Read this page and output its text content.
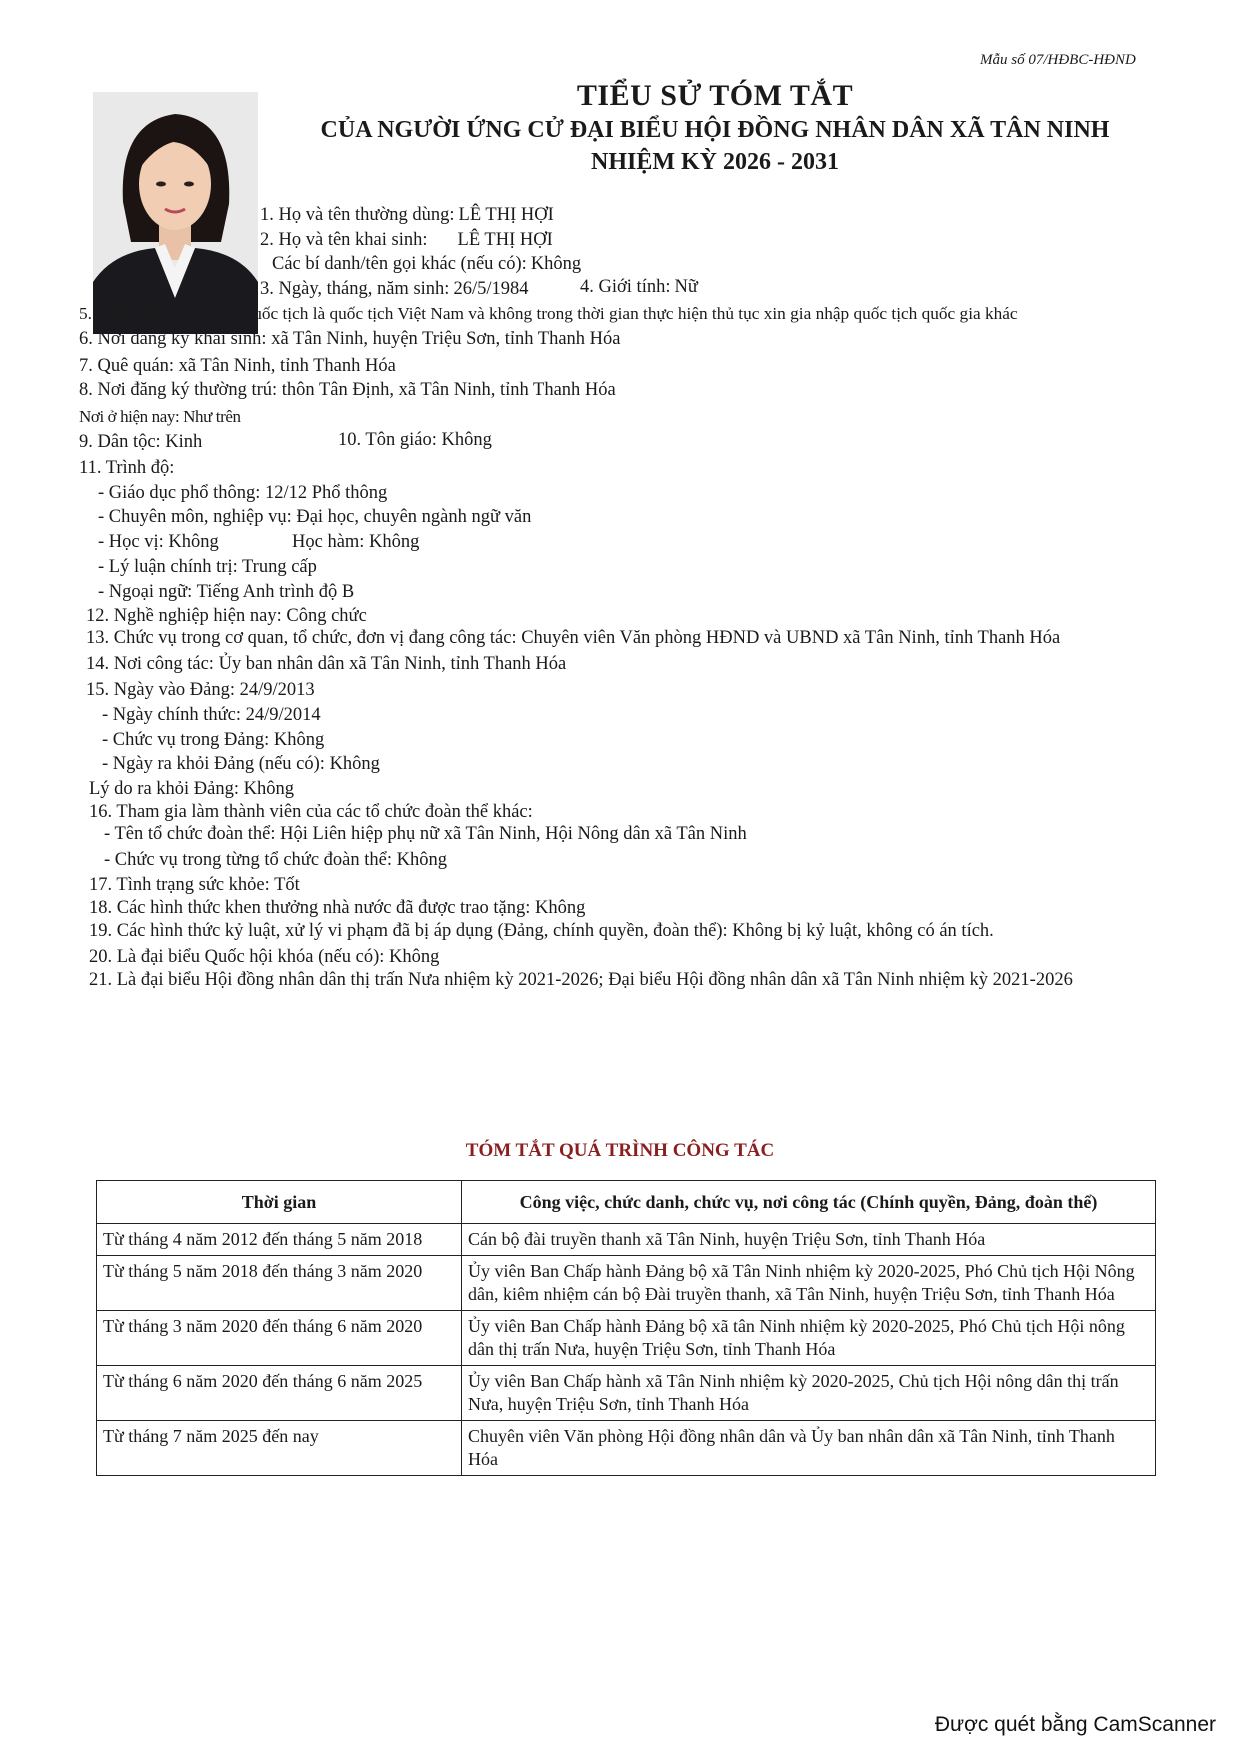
Mẫu số 07/HĐBC-HĐND
TIỂU SỬ TÓM TẮT
CỦA NGƯỜI ỨNG CỬ ĐẠI BIỂU HỘI ĐỒNG NHÂN DÂN XÃ TÂN NINH
NHIỆM KỲ 2026 - 2031
1. Họ và tên thường dùng: LÊ THỊ HỢI
2. Họ và tên khai sinh: LÊ THỊ HỢI
Các bí danh/tên gọi khác (nếu có): Không
3. Ngày, tháng, năm sinh: 26/5/1984	4. Giới tính: Nữ
5. Quốc tịch: Chỉ có 01 quốc tịch là quốc tịch Việt Nam và không trong thời gian thực hiện thủ tục xin gia nhập quốc tịch quốc gia khác
6. Nơi đăng ký khai sinh: xã Tân Ninh, huyện Triệu Sơn, tỉnh Thanh Hóa
7. Quê quán: xã Tân Ninh, tỉnh Thanh Hóa
8. Nơi đăng ký thường trú: thôn Tân Định, xã Tân Ninh, tỉnh Thanh Hóa
Nơi ở hiện nay: Như trên
9. Dân tộc: Kinh	10. Tôn giáo: Không
11. Trình độ:
- Giáo dục phổ thông: 12/12 Phổ thông
- Chuyên môn, nghiệp vụ: Đại học, chuyên ngành ngữ văn
- Học vị: Không	Học hàm: Không
- Lý luận chính trị: Trung cấp
- Ngoại ngữ: Tiếng Anh trình độ B
12. Nghề nghiệp hiện nay: Công chức
13. Chức vụ trong cơ quan, tổ chức, đơn vị đang công tác: Chuyên viên Văn phòng HĐND và UBND xã Tân Ninh, tỉnh Thanh Hóa
14. Nơi công tác: Ủy ban nhân dân xã Tân Ninh, tỉnh Thanh Hóa
15. Ngày vào Đảng: 24/9/2013
- Ngày chính thức: 24/9/2014
- Chức vụ trong Đảng: Không
- Ngày ra khỏi Đảng (nếu có): Không
Lý do ra khỏi Đảng: Không
16. Tham gia làm thành viên của các tổ chức đoàn thể khác:
- Tên tổ chức đoàn thể: Hội Liên hiệp phụ nữ xã Tân Ninh, Hội Nông dân xã Tân Ninh
- Chức vụ trong từng tổ chức đoàn thể: Không
17. Tình trạng sức khỏe: Tốt
18. Các hình thức khen thưởng nhà nước đã được trao tặng: Không
19. Các hình thức kỷ luật, xử lý vi phạm đã bị áp dụng (Đảng, chính quyền, đoàn thể): Không bị kỷ luật, không có án tích.
20. Là đại biểu Quốc hội khóa (nếu có): Không
21. Là đại biểu Hội đồng nhân dân thị trấn Nưa nhiệm kỳ 2021-2026; Đại biểu Hội đồng nhân dân xã Tân Ninh nhiệm kỳ 2021-2026
TÓM TẮT QUÁ TRÌNH CÔNG TÁC
Thời gian	Công việc, chức danh, chức vụ, nơi công tác (Chính quyền, Đảng, đoàn thể)
Từ tháng 4 năm 2012 đến tháng 5 năm 2018	Cán bộ đài truyền thanh xã Tân Ninh, huyện Triệu Sơn, tỉnh Thanh Hóa
Từ tháng 5 năm 2018 đến tháng 3 năm 2020	Ủy viên Ban Chấp hành Đảng bộ xã Tân Ninh nhiệm kỳ 2020-2025, Phó Chủ tịch Hội Nông dân, kiêm nhiệm cán bộ Đài truyền thanh, xã Tân Ninh, huyện Triệu Sơn, tỉnh Thanh Hóa
Từ tháng 3 năm 2020 đến tháng 6 năm 2020	Ủy viên Ban Chấp hành Đảng bộ xã tân Ninh nhiệm kỳ 2020-2025, Phó Chủ tịch Hội nông dân thị trấn Nưa, huyện Triệu Sơn, tỉnh Thanh Hóa
Từ tháng 6 năm 2020 đến tháng 6 năm 2025	Ủy viên Ban Chấp hành xã Tân Ninh nhiệm kỳ 2020-2025, Chủ tịch Hội nông dân thị trấn Nưa, huyện Triệu Sơn, tỉnh Thanh Hóa
Từ tháng 7 năm 2025 đến nay	Chuyên viên Văn phòng Hội đồng nhân dân và Ủy ban nhân dân xã Tân Ninh, tỉnh Thanh Hóa
Được quét bằng CamScanner
